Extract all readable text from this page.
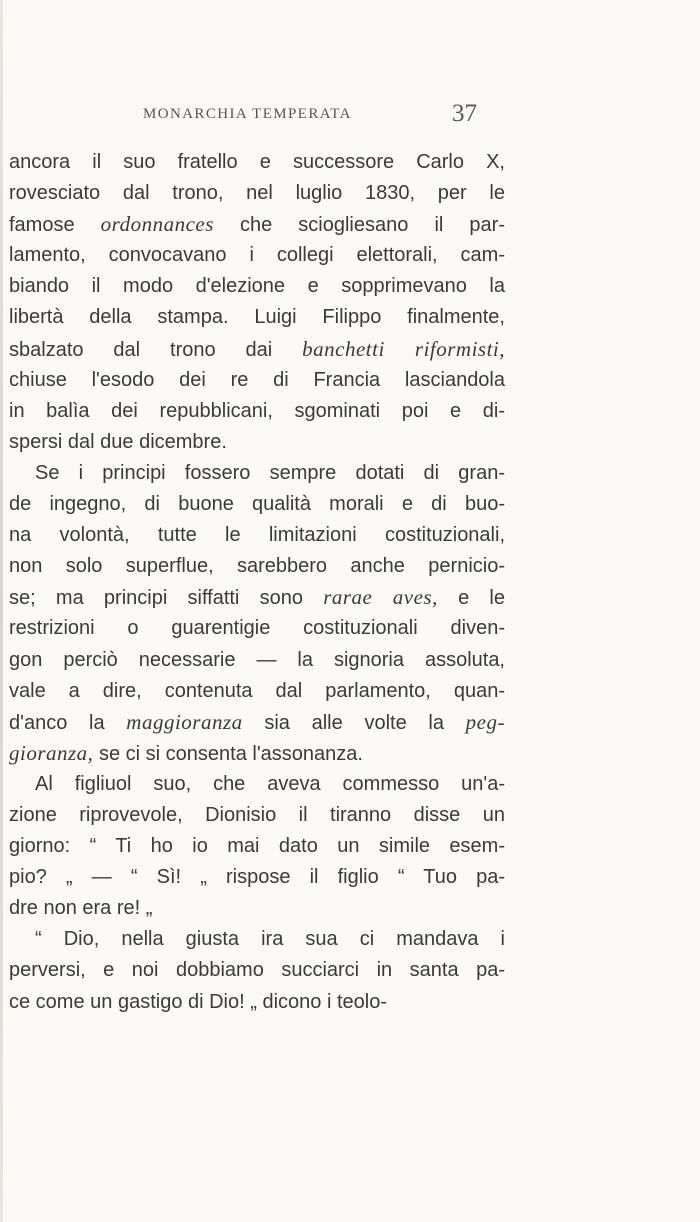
MONARCHIA TEMPERATA	37
ancora il suo fratello e successore Carlo X,
rovesciato dal trono, nel luglio 1830, per le
famose ordonnances che sciogliesano il par-
lamento, convocavano i collegi elettorali, cam-
biando il modo d'elezione e sopprimevano la
libertà della stampa. Luigi Filippo finalmente,
sbalzato dal trono dai banchetti riformisti,
chiuse l'esodo dei re di Francia lasciandola
in balìa dei repubblicani, sgominati poi e di-
spersi dal due dicembre.
Se i principi fossero sempre dotati di gran-
de ingegno, di buone qualità morali e di buo-
na volontà, tutte le limitazioni costituzionali,
non solo superflue, sarebbero anche pernicio-
se; ma principi siffatti sono rarae aves, e le
restrizioni o guarentigie costituzionali diven-
gon perciò necessarie — la signoria assoluta,
vale a dire, contenuta dal parlamento, quan-
d'anco la maggioranza sia alle volte la peg-
gioranza, se ci si consenta l'assonanza.
Al figliuol suo, che aveva commesso un'a-
zione riprovevole, Dionisio il tiranno disse un
giorno: “ Ti ho io mai dato un simile esem-
pio? „ — “ Sì! „ rispose il figlio “ Tuo pa-
dre non era re! „
“ Dio, nella giusta ira sua ci mandava i
perversi, e noi dobbiamo succiarci in santa pa-
ce come un gastigo di Dio! „ dicono i teolo-
